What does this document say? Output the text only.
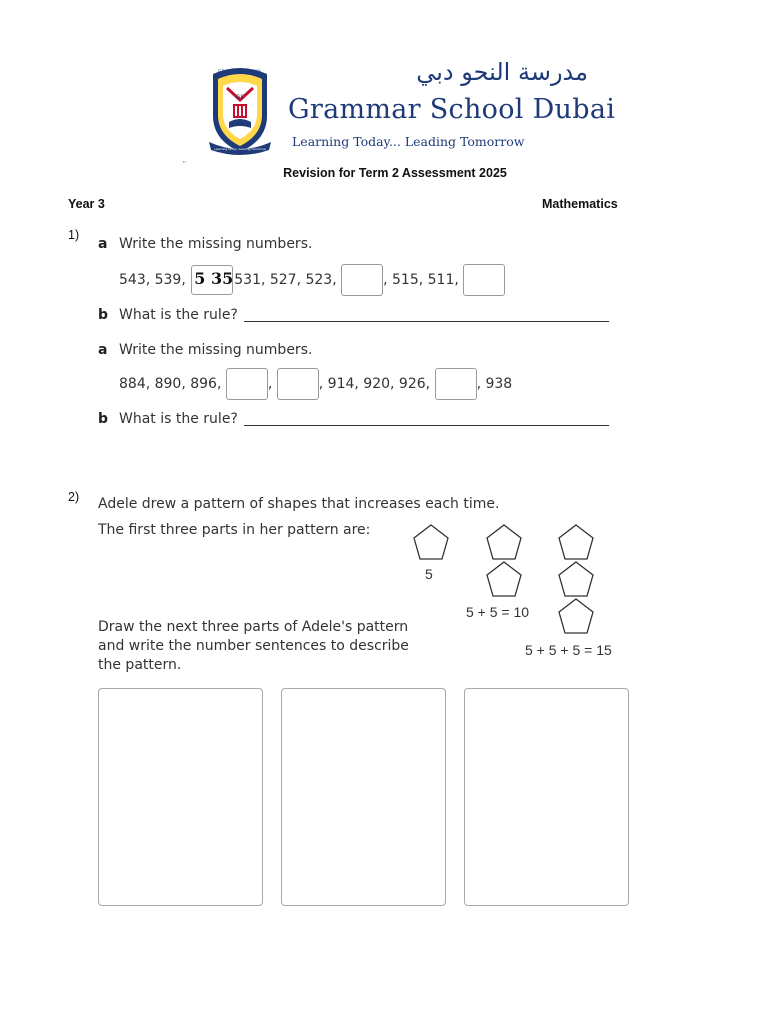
GS
Learning today, Leading tomorrow
GRAMMAR SCHOOL	مدرسة النحو دبي
Grammar School Dubai
Learning Today... Leading Tomorrow
"
Revision for Term 2 Assessment 2025
Year 3	Mathematics
1)
a Write the missing numbers.
543, 539, 5 35 531, 527, 523,	, 515, 511,
b What is the rule?
a Write the missing numbers.
884, 890, 896,	,	, 914, 920, 926,	, 938
b What is the rule?
2) Adele drew a pattern of shapes that increases each time.
The first three parts in her pattern are:
Draw the next three parts of Adele's pattern
and write the number sentences to describe
the pattern.
5
5 + 5 = 10
5 + 5 + 5 = 15
